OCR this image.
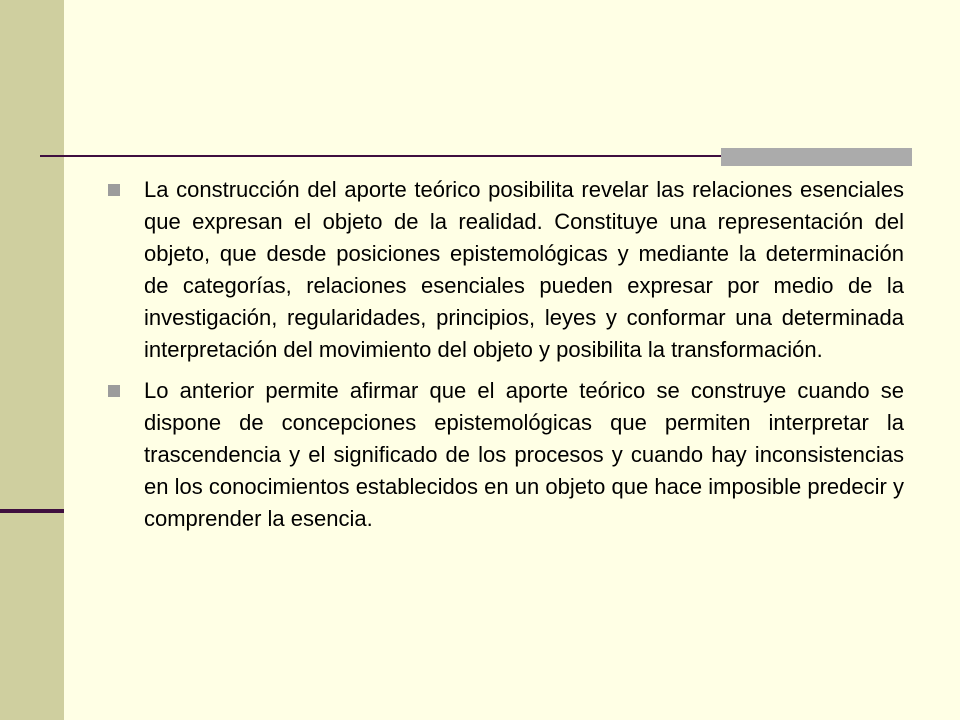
La construcción del aporte teórico posibilita revelar las relaciones esenciales que expresan el objeto de la realidad. Constituye una representación del objeto, que desde posiciones epistemológicas y mediante la determinación de categorías, relaciones esenciales pueden expresar por medio de la investigación, regularidades, principios, leyes y conformar una determinada interpretación del movimiento del objeto y posibilita la transformación.

Lo anterior permite afirmar que el aporte teórico se construye cuando se dispone de concepciones epistemológicas que permiten interpretar la trascendencia y el significado de los procesos y cuando hay inconsistencias en los conocimientos establecidos en un objeto que hace imposible predecir y comprender la esencia.
